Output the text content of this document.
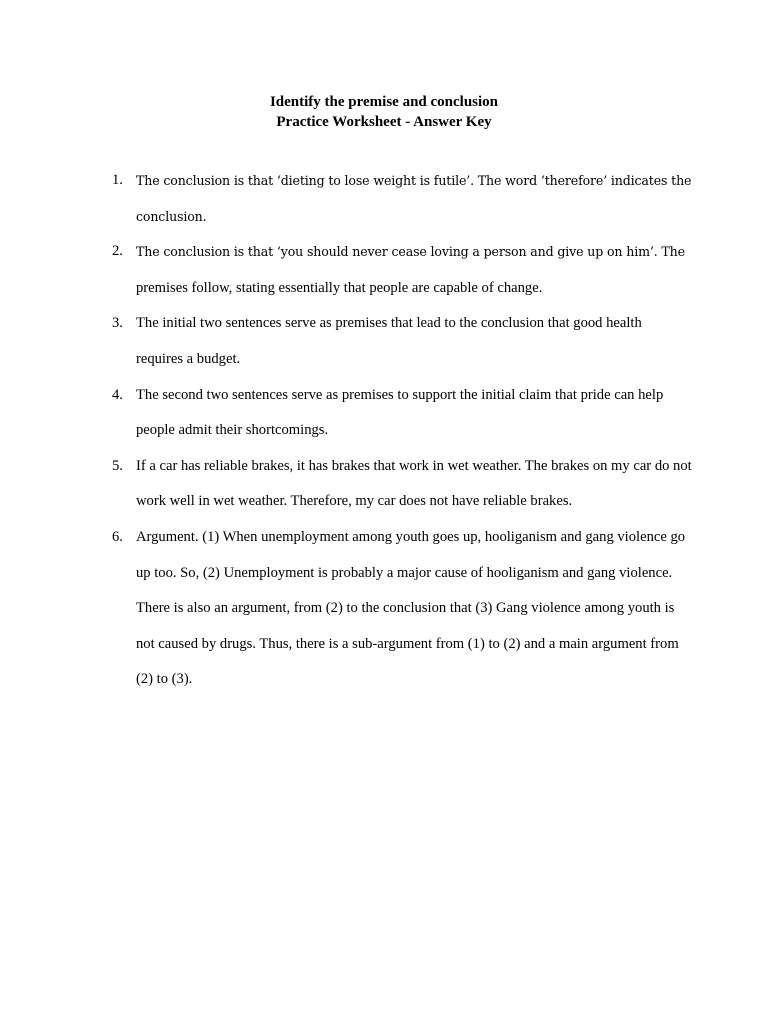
Identify the premise and conclusion
Practice Worksheet - Answer Key
1. The conclusion is that ‘dieting to lose weight is futile’. The word ‘therefore’ indicates the conclusion.
2. The conclusion is that ‘you should never cease loving a person and give up on him’. The
premises follow, stating essentially that people are capable of change.
3. The initial two sentences serve as premises that lead to the conclusion that good health requires a budget.
4. The second two sentences serve as premises to support the initial claim that pride can help people admit their shortcomings.
5. If a car has reliable brakes, it has brakes that work in wet weather. The brakes on my car do not work well in wet weather. Therefore, my car does not have reliable brakes.
6. Argument. (1) When unemployment among youth goes up, hooliganism and gang violence go up too. So, (2) Unemployment is probably a major cause of hooliganism and gang violence. There is also an argument, from (2) to the conclusion that (3) Gang violence among youth is not caused by drugs. Thus, there is a sub-argument from (1) to (2) and a main argument from (2) to (3).
